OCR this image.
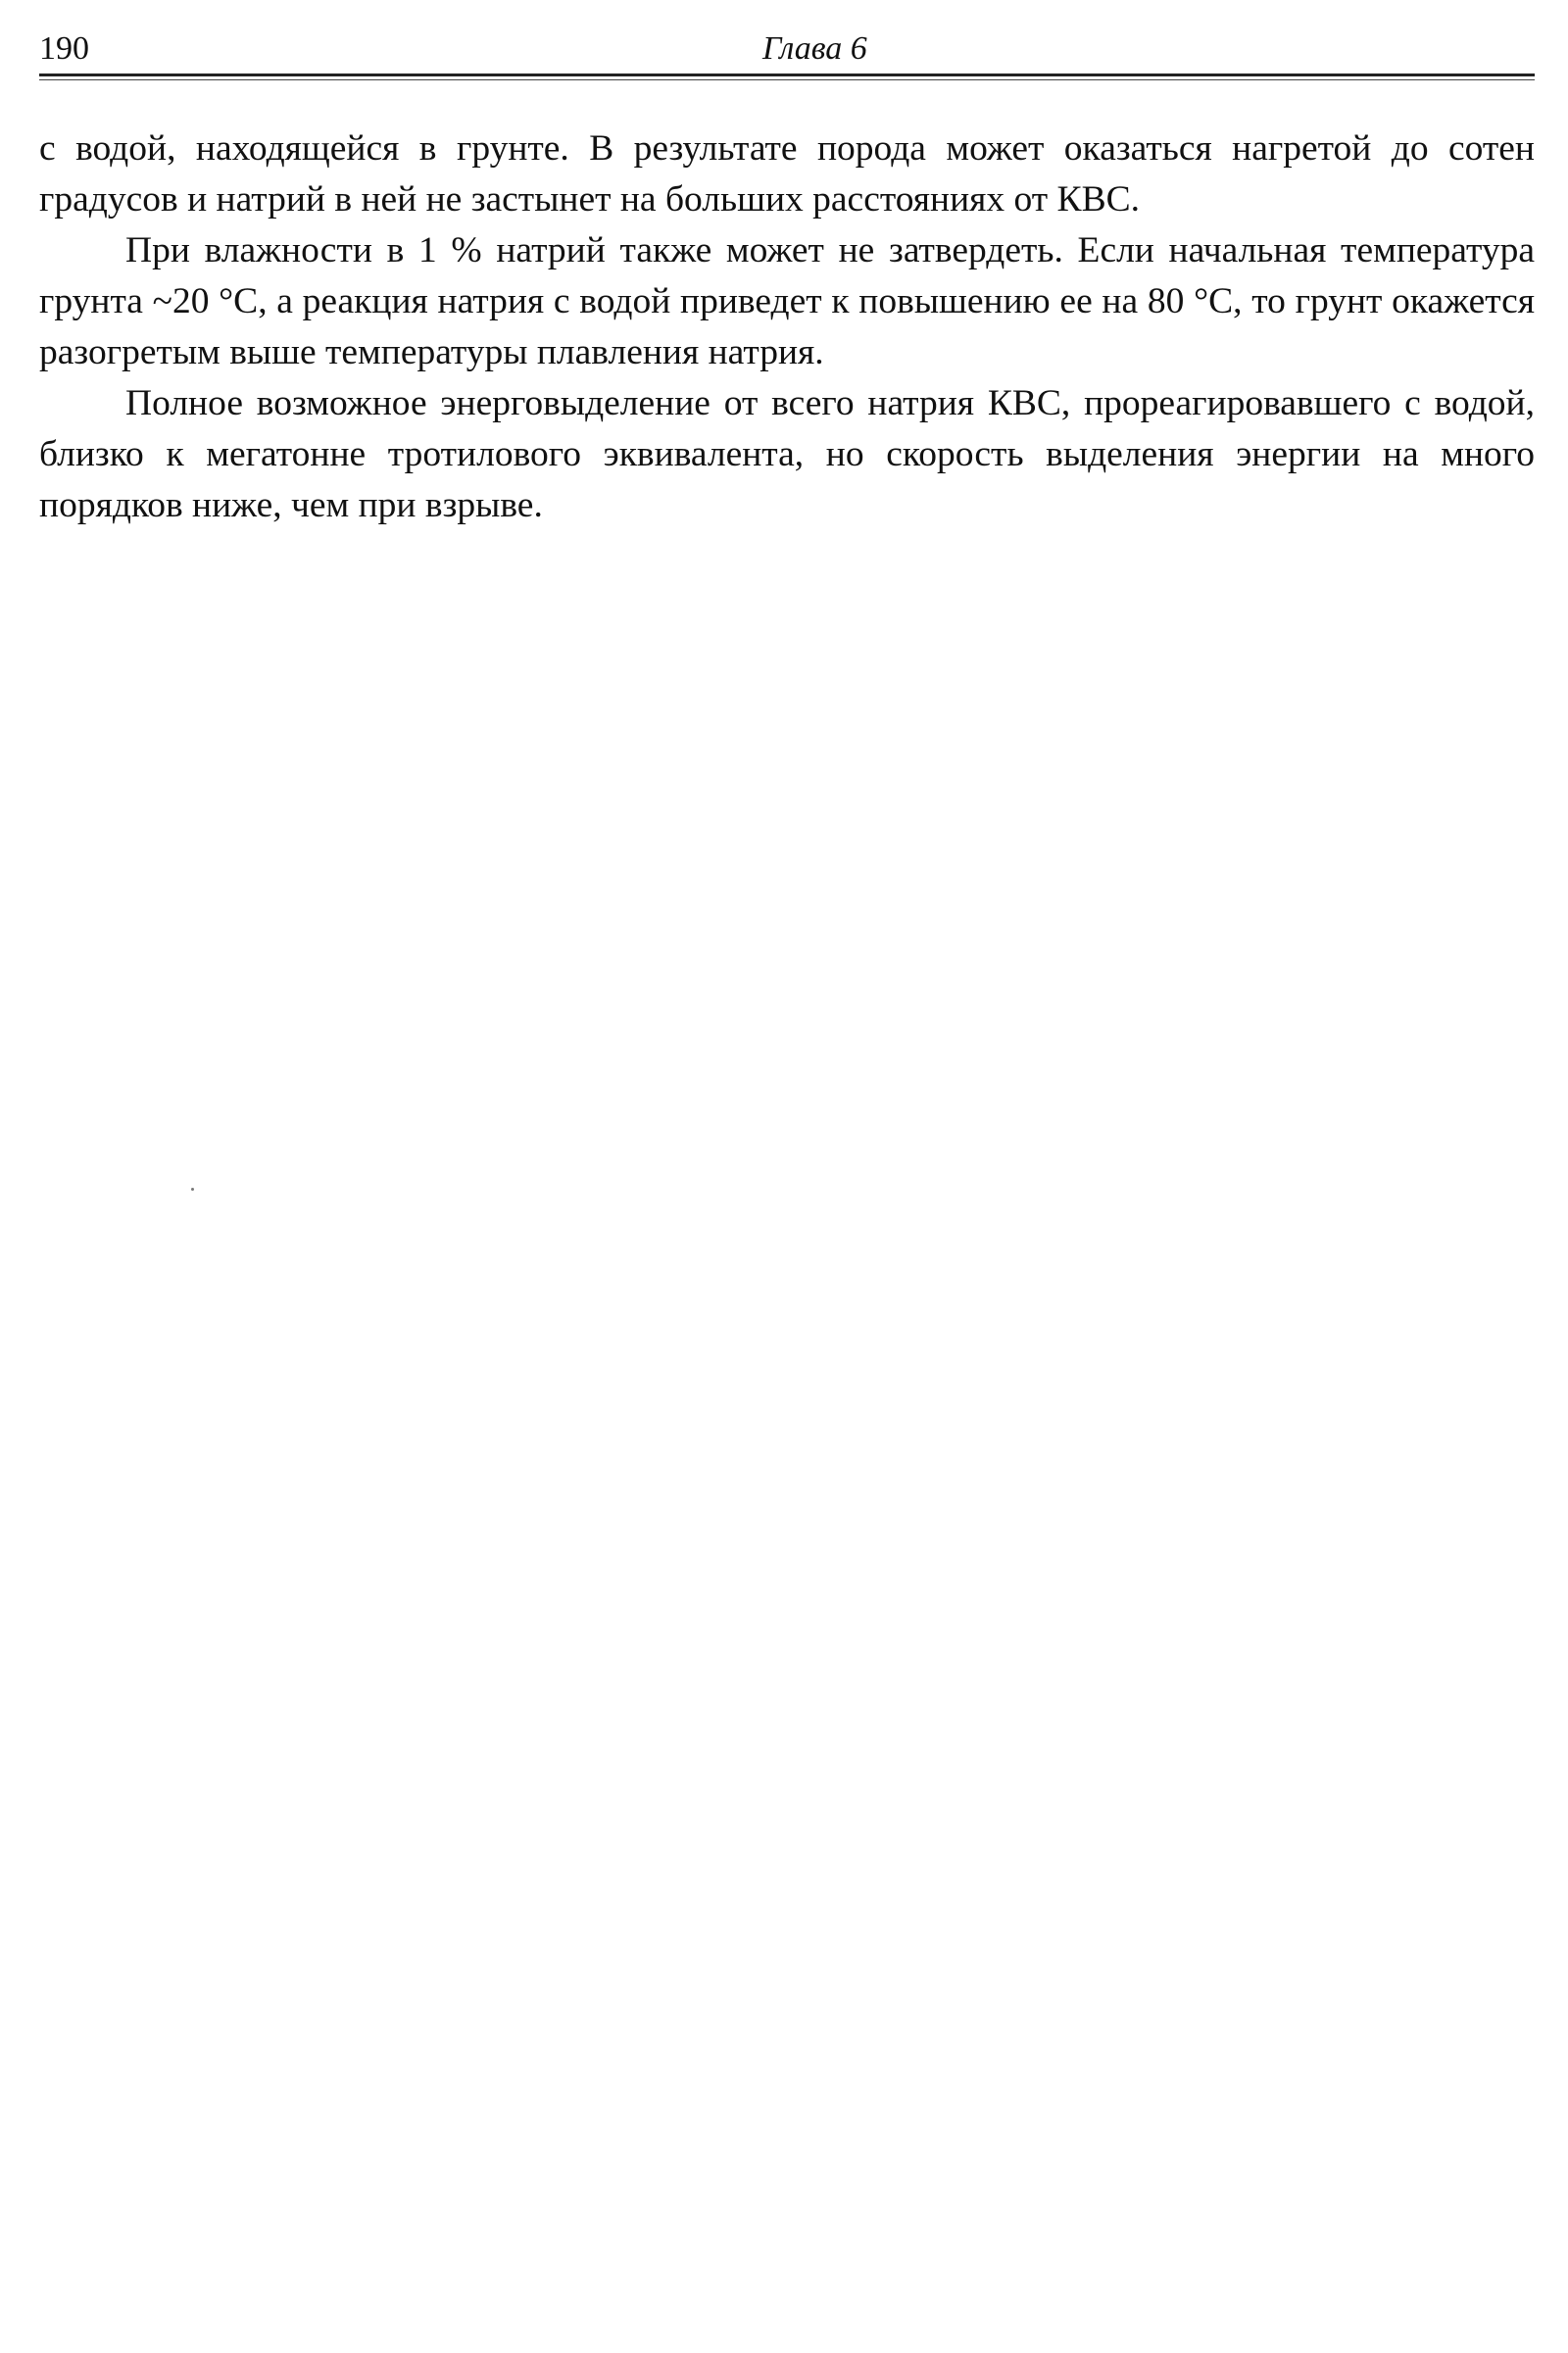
190	Глава 6

с водой, находящейся в грунте. В результате порода может оказаться нагретой до сотен градусов и натрий в ней не застынет на больших расстояниях от КВС.

При влажности в 1 % натрий также может не затвердеть. Если начальная температура грунта ~20 °С, а реакция натрия с водой приведет к повышению ее на 80 °С, то грунт окажется разогретым выше температуры плавления натрия.

Полное возможное энерговыделение от всего натрия КВС, прореагировавшего с водой, близко к мегатонне тротилового эквивалента, но скорость выделения энергии на много порядков ниже, чем при взрыве.
